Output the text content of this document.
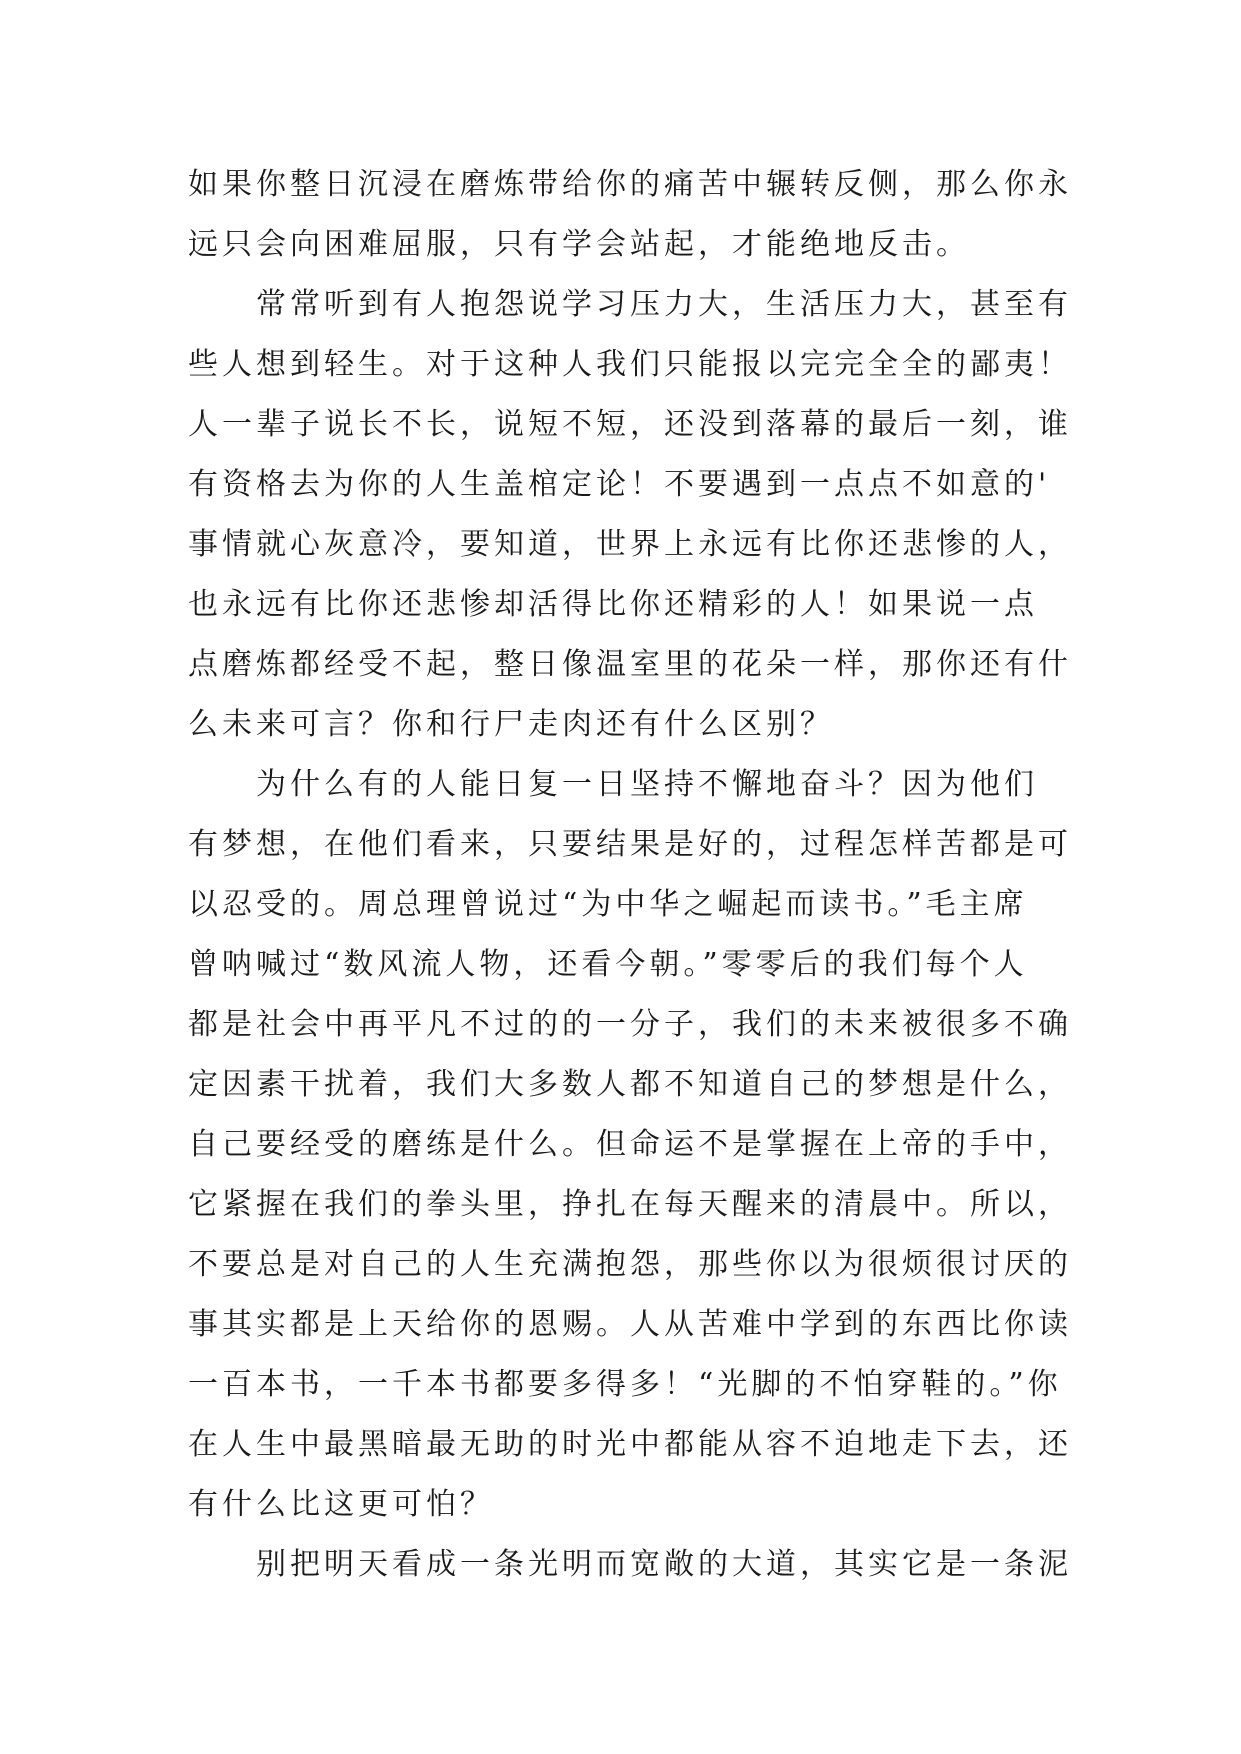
如果你整日沉浸在磨炼带给你的痛苦中辗转反侧，那么你永
远只会向困难屈服，只有学会站起，才能绝地反击。
常常听到有人抱怨说学习压力大，生活压力大，甚至有
些人想到轻生。对于这种人我们只能报以完完全全的鄙夷！
人一辈子说长不长，说短不短，还没到落幕的最后一刻，谁
有资格去为你的人生盖棺定论！不要遇到一点点不如意的'
事情就心灰意冷，要知道，世界上永远有比你还悲惨的人，
也永远有比你还悲惨却活得比你还精彩的人！如果说一点
点磨炼都经受不起，整日像温室里的花朵一样，那你还有什
么未来可言？你和行尸走肉还有什么区别？
为什么有的人能日复一日坚持不懈地奋斗？因为他们
有梦想，在他们看来，只要结果是好的，过程怎样苦都是可
以忍受的。周总理曾说过“为中华之崛起而读书。”毛主席
曾呐喊过“数风流人物，还看今朝。”零零后的我们每个人
都是社会中再平凡不过的的一分子，我们的未来被很多不确
定因素干扰着，我们大多数人都不知道自己的梦想是什么，
自己要经受的磨练是什么。但命运不是掌握在上帝的手中，
它紧握在我们的拳头里，挣扎在每天醒来的清晨中。所以，
不要总是对自己的人生充满抱怨，那些你以为很烦很讨厌的
事其实都是上天给你的恩赐。人从苦难中学到的东西比你读
一百本书，一千本书都要多得多！“光脚的不怕穿鞋的。”你
在人生中最黑暗最无助的时光中都能从容不迫地走下去，还
有什么比这更可怕？
别把明天看成一条光明而宽敞的大道，其实它是一条泥
